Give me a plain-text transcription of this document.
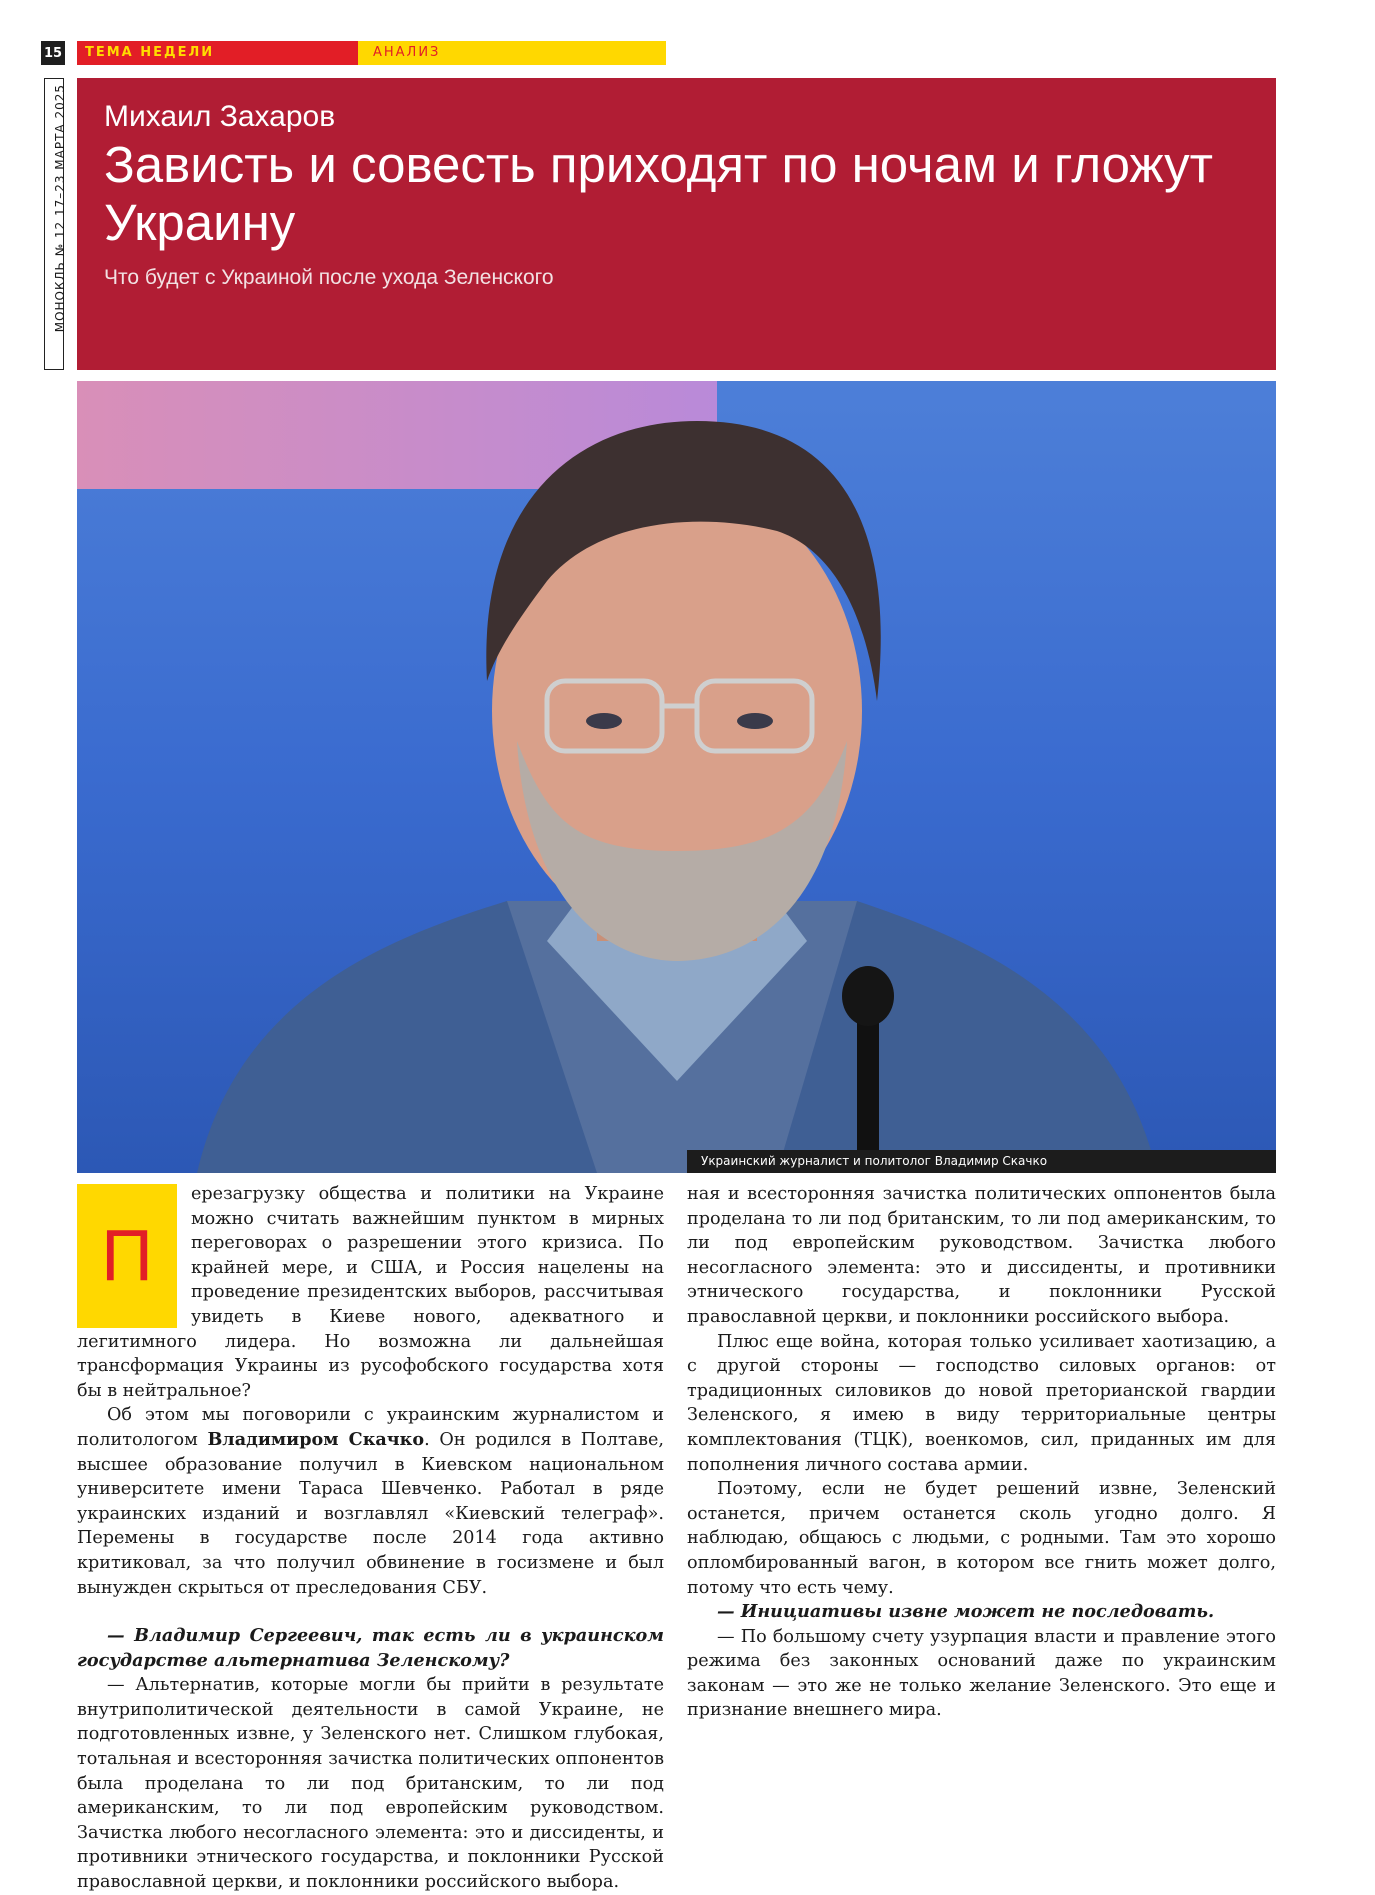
15	ТЕМА НЕДЕЛИ	АНАЛИЗ
МОНОКЛЬ № 12 17–23 МАРТА 2025 Михаил Захаров
Зависть и совесть приходят по ночам и гложут Украину
Что будет с Украиной после ухода Зеленского
Украинский журналист и политолог Владимир Скачко
П

ерезагрузку общества и политики на Украине можно считать важнейшим пунктом в мирных переговорах о разрешении этого кризиса. По крайней мере, и США, и Россия нацелены на проведение президентских выборов, рассчитывая увидеть в Киеве нового, адекватного и легитимного лидера. Но возможна ли дальнейшая трансформация Украины из русофобского государства хотя бы в нейтральное?

Об этом мы поговорили с украинским журналистом и политологом Владимиром Скачко. Он родился в Полтаве, высшее образование получил в Киевском национальном университете имени Тараса Шевченко. Работал в ряде украинских изданий и возглавлял «Киевский телеграф». Перемены в государстве после 2014 года активно критиковал, за что получил обвинение в госизмене и был вынужден скрыться от преследования СБУ.

— Владимир Сергеевич, так есть ли в украинском государстве альтернатива Зеленскому?

— Альтернатив, которые могли бы прийти в результате внутриполитической деятельности в самой Украине, не подготовленных извне, у Зеленского нет. Слишком глубокая, тотальная и всесторонняя зачистка политических оппонентов была проделана то ли под британским, то ли под американским, то ли под европейским руководством. Зачистка любого несогласного элемента: это и диссиденты, и противники этнического государства, и поклонники Русской православной церкви, и поклонники российского выбора.

ная и всесторонняя зачистка политических оппонентов была проделана то ли под британским, то ли под американским, то ли под европейским руководством. Зачистка любого несогласного элемента: это и диссиденты, и противники этнического государства, и поклонники Русской православной церкви, и поклонники российского выбора.

Плюс еще война, которая только усиливает хаотизацию, а с другой стороны — господство силовых органов: от традиционных силовиков до новой преторианской гвардии Зеленского, я имею в виду территориальные центры комплектования (ТЦК), военкомов, сил, приданных им для пополнения личного состава армии.

Поэтому, если не будет решений извне, Зеленский останется, причем останется сколь угодно долго. Я наблюдаю, общаюсь с людьми, с родными. Там это хорошо опломбированный вагон, в котором все гнить может долго, потому что есть чему.

— Инициативы извне может не последовать.

— По большому счету узурпация власти и правление этого режима без законных оснований даже по украинским законам — это же не только желание Зеленского. Это еще и признание внешнего мира.
